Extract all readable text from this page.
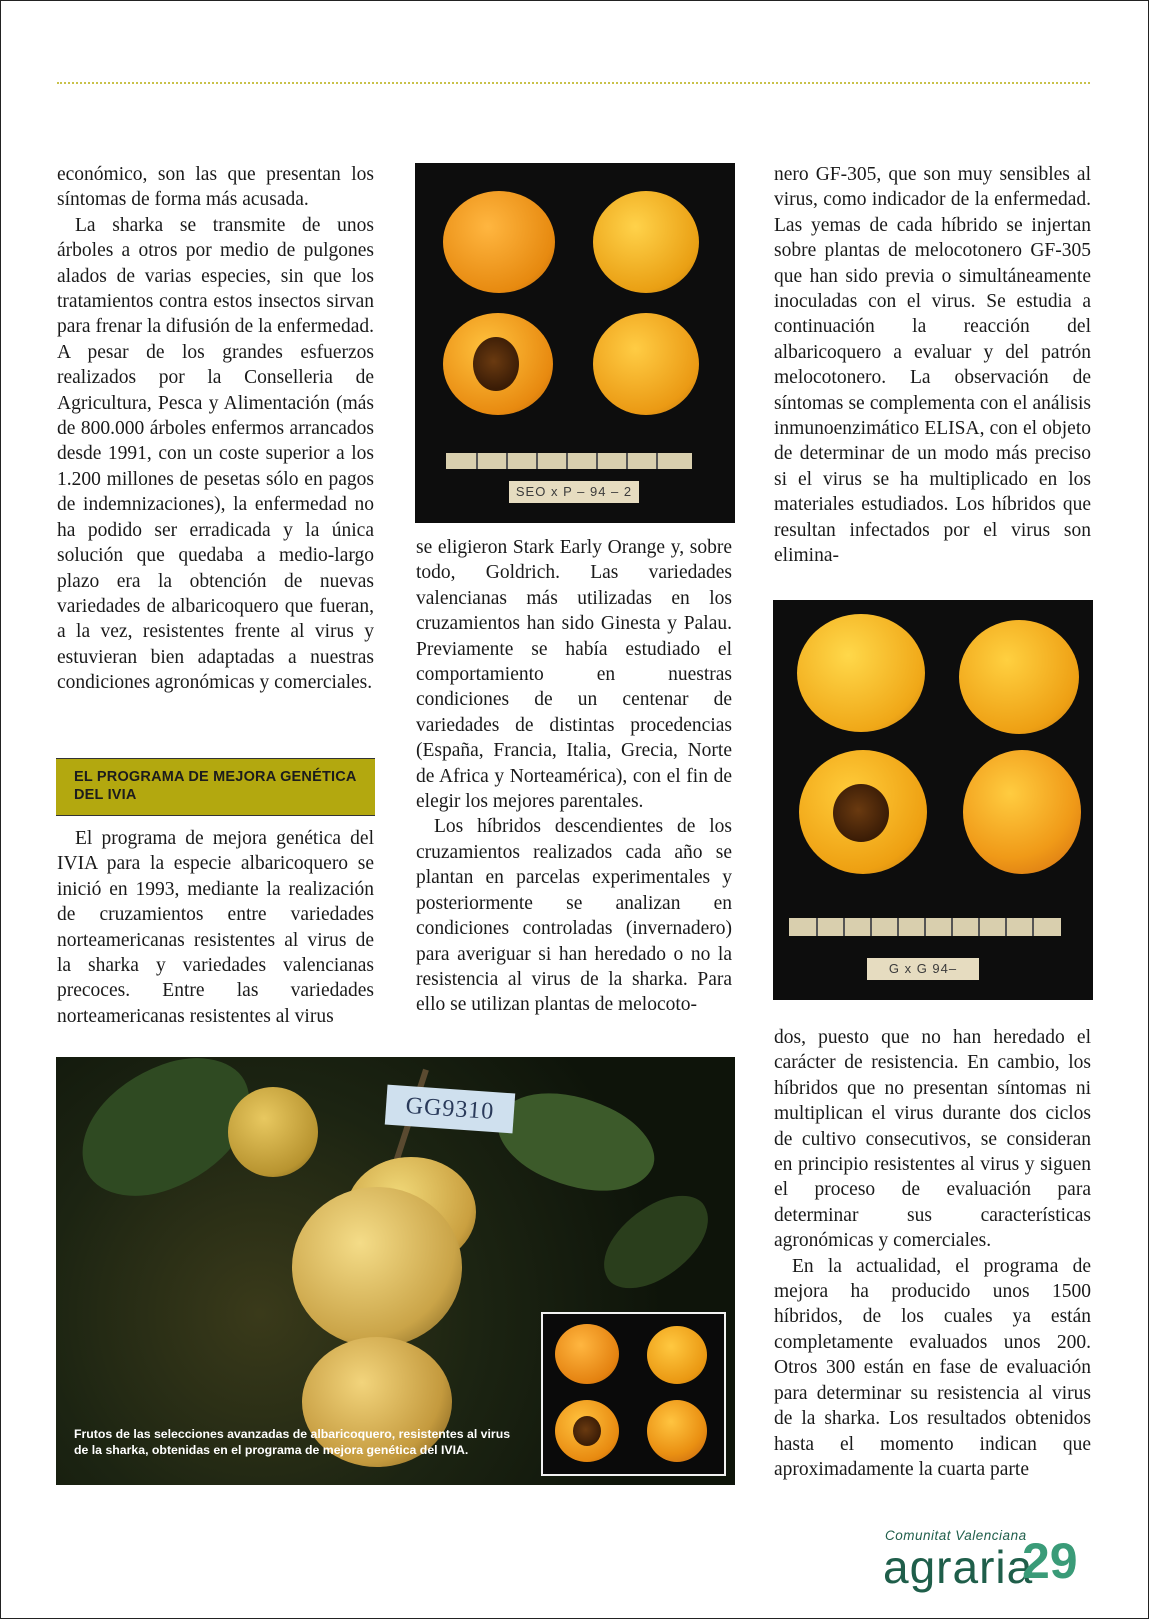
económico, son las que presentan los síntomas de forma más acusada.

La sharka se transmite de unos árboles a otros por medio de pulgones alados de varias especies, sin que los tratamientos contra estos insectos sirvan para frenar la difusión de la enfermedad. A pesar de los grandes esfuerzos realizados por la Conselleria de Agricultura, Pesca y Alimentación (más de 800.000 árboles enfermos arrancados desde 1991, con un coste superior a los 1.200 millones de pesetas sólo en pagos de indemnizaciones), la enfermedad no ha podido ser erradicada y la única solución que quedaba a medio-largo plazo era la obtención de nuevas variedades de albaricoquero que fueran, a la vez, resistentes frente al virus y estuvieran bien adaptadas a nuestras condiciones agronómicas y comerciales.

EL PROGRAMA DE MEJORA GENÉTICA DEL IVIA

El programa de mejora genética del IVIA para la especie albaricoquero se inició en 1993, mediante la realización de cruzamientos entre variedades norteamericanas resistentes al virus de la sharka y variedades valencianas precoces. Entre las variedades norteamericanas resistentes al virus

SEO x P – 94 – 2

se eligieron Stark Early Orange y, sobre todo, Goldrich. Las variedades valencianas más utilizadas en los cruzamientos han sido Ginesta y Palau. Previamente se había estudiado el comportamiento en nuestras condiciones de un centenar de variedades de distintas procedencias (España, Francia, Italia, Grecia, Norte de Africa y Norteamérica), con el fin de elegir los mejores parentales.

Los híbridos descendientes de los cruzamientos realizados cada año se plantan en parcelas experimentales y posteriormente se analizan en condiciones controladas (invernadero) para averiguar si han heredado o no la resistencia al virus de la sharka. Para ello se utilizan plantas de melocoto-

nero GF-305, que son muy sensibles al virus, como indicador de la enfermedad. Las yemas de cada híbrido se injertan sobre plantas de melocotonero GF-305 que han sido previa o simultáneamente inoculadas con el virus. Se estudia a continuación la reacción del albaricoquero a evaluar y del patrón melocotonero. La observación de síntomas se complementa con el análisis inmunoenzimático ELISA, con el objeto de determinar de un modo más preciso si el virus se ha multiplicado en los materiales estudiados. Los híbridos que resultan infectados por el virus son elimina-

G x G 94–

dos, puesto que no han heredado el carácter de resistencia. En cambio, los híbridos que no presentan síntomas ni multiplican el virus durante dos ciclos de cultivo consecutivos, se consideran en principio resistentes al virus y siguen el proceso de evaluación para determinar sus características agronómicas y comerciales.

En la actualidad, el programa de mejora ha producido unos 1500 híbridos, de los cuales ya están completamente evaluados unos 200. Otros 300 están en fase de evaluación para determinar su resistencia al virus de la sharka. Los resultados obtenidos hasta el momento indican que aproximadamente la cuarta parte

GG9310
Frutos de las selecciones avanzadas de albaricoquero, resistentes al virus de la sharka, obtenidas en el programa de mejora genética del IVIA.
Comunitat Valenciana
agraria
29
